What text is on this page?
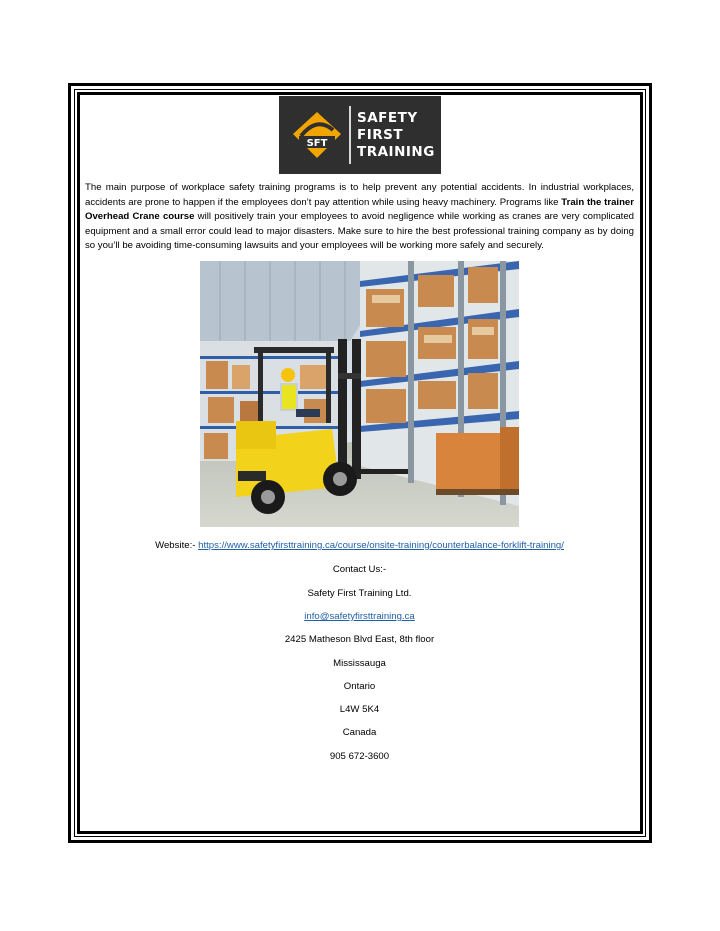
SFT
SAFETY
FIRST
TRAINING

The main purpose of workplace safety training programs is to help prevent any potential accidents. In industrial workplaces, accidents are prone to happen if the employees don’t pay attention while using heavy machinery. Programs like Train the trainer Overhead Crane course will positively train your employees to avoid negligence while working as cranes are very complicated equipment and a small error could lead to major disasters. Make sure to hire the best professional training company as by doing so you’ll be avoiding time-consuming lawsuits and your employees will be working more safely and securely.

Website:- https://www.safetyfirsttraining.ca/course/onsite-training/counterbalance-forklift-training/
Contact Us:-
Safety First Training Ltd.
info@safetyfirsttraining.ca
2425 Matheson Blvd East, 8th floor
Mississauga
Ontario
L4W 5K4
Canada
905 672-3600
